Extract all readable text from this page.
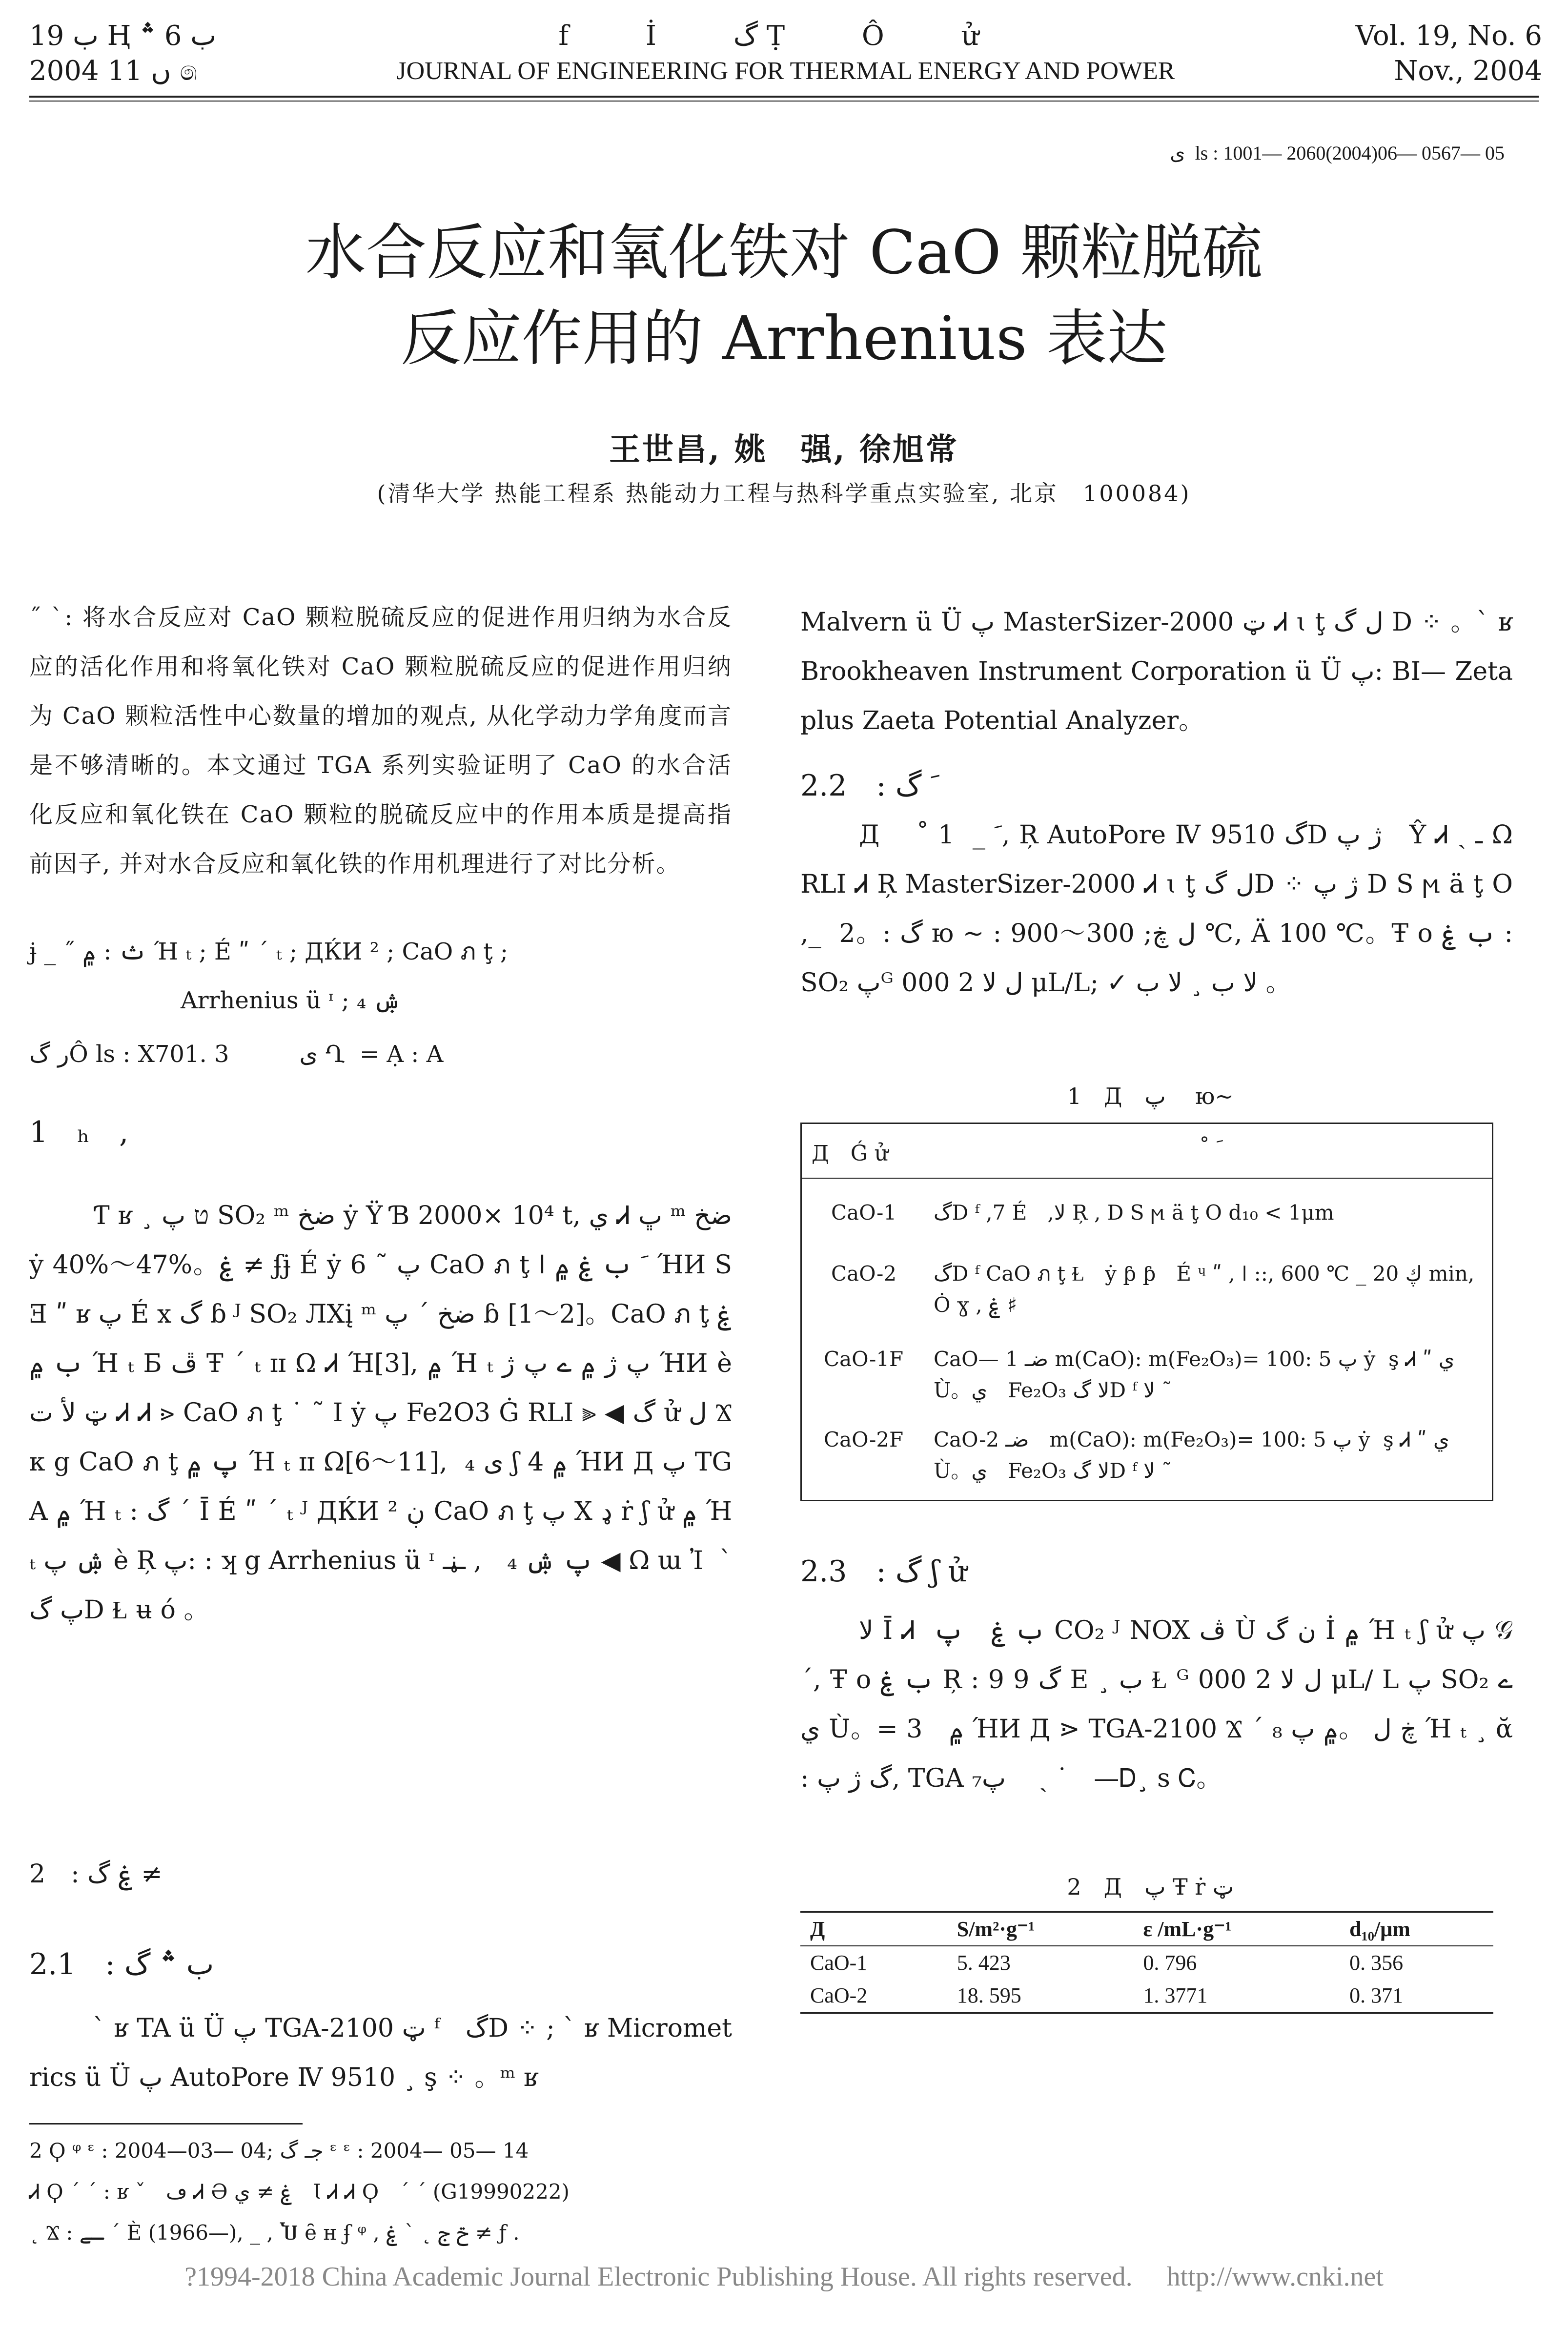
ب 19 Ⱨ ب 6 ؞
2004 ں 11 ෧
f İ گ Ṭ Ô ử
JOURNAL OF ENGINEERING FOR THERMAL ENERGY AND POWER
Vol. 19, No. 6
Nov., 2004
ى ⁣ ls : 1001— 2060(2004)06— 0567— 05
水合反应和氧化铁对 CaO 颗粒脱硫
反应作用的 Arrhenius 表达
王世昌, 姚　强, 徐旭常
(清华大学 热能工程系 热能动力工程与热科学重点实验室, 北京　100084)
˝ ˋ: 将水合反应对 CaO 颗粒脱硫反应的促进作用归纳为水合反应的活化作用和将氧化铁对 CaO 颗粒脱硫反应的促进作用归纳为 CaO 颗粒活性中心数量的增加的观点, 从化学动力学角度而言是不够清晰的。本文通过 TGA 系列实验证明了 CaO 的水合活化反应和氧化铁在 CaO 颗粒的脱硫反应中的作用本质是提高指前因子, 并对水合反应和氧化铁的作用机理进行了对比分析。
ɉ _ ˝ ث : ۾ Ή ₜ ; É ʺ ´ ₜ ; ДЌИ ² ; CaO ภ ţ ;
Arrhenius ü ᶦ ; ۺ ₄
ر گÔ ls : X701. 3　　　ى Ղ ⁣ = Ạ : A
1　ₕ　,
Ƭ ʁ ¸ ט پ SO₂ ᵐ ضخ ẏ Ÿ Ɓ 2000× 10⁴ t, ي Ꮧ ڀ ᵐ ضخ ẏ 40%～47%。ۼ ≠ ʄɉ É ẏ 6 ˜ پ CaO ภ ţ ǀ ﹶ ب ۼ ۾ ΉИ S Ǝ ʺ ʁ پ É x گ ɓ ᴶ SO₂ ЛXį ᵐ ضخ ´ پ ɓ [1～2]。CaO ภ ţ ۼ ب ۾ Ή ₜ Ƃ ڦ Ŧ ´ ₜ ɪɪ Ω Ꮧ Ή[3], ۾ Ή ₜ پ ژ ۾ ے پ ژ ΉИ è ټ ﻷ ت Ꮧ Ꮧ ⋗ CaO ภ ţ ˙ ˜ I ẏ پ Fe2O3 Ġ RLI ⫸ ◀ گ ử ﻝ Ϫ ᴋ g CaO ภ ţ پ ۾ Ή ₜ ɪɪ Ω[6～11], ⁣ ى ₄ ʃ 4 ۾ ΉИ Д پ TGA ۾ Ή ₜ : گ ´ Ῑ É ʺ ´ ₜ ᴶ ДЌИ ² ڹ CaO ภ ţ پ X ډ ṙ ʃ ử ۾ Ή ₜ ۺ پ è Ŗ پ: : ʞ g Arrhenius ü ᶦ پ ۺ ₄　, ـڼـ ◀ Ω ɯ Ἰ ⁣ ˋ پ گD Ɫ ʉ ó 。
2　: ۼ گ ≠
2.1　: ب ؞ گ
ˋ ʁ TA ü Ü پ TGA-2100 ټ ᶠ　گD ⁘ ; ˋ ʁ Micrometrics ü Ü پ AutoPore Ⅳ 9510 ¸ ş ⁘ 。ᵐ ʁ
2 Ϙ ᵠ ᵋ : 2004—03— 04; جـ گ ᵋ ᵋ : 2004— 05— 14
Ꮧ Ϙ ´ ´ : ʁ ˇ　ڡ Ꮧ Ə ۼ ≠ ي　Ɩ Ꮧ Ꮧ Ϙ　´ ´ (G19990222)
˛ Ϫ : ـے ´ È (1966—), _ , Ⴎ ȇ ʜ ʄ ᵠ , ݗ ج ˛ ˋ ۼ ≠ ƒ .
Malvern ü Ü پ MasterSizer-2000 ټ Ꮧ ɩ ţ ﻝ گ D ⁘ 。ˋ ʁ Brookheaven Instrument Corporation ü Ü پ: BI— Zetaplus Zaeta Potential Analyzer。
2.2　: ﹶ گ
Д　⁣ ˚ ﹶ _ ⁣ 1, Ŗ AutoPore Ⅳ 9510 گD ژ پ ⁣ ⁣ Ŷ Ꮧ ˏ ـ Ω RLI Ꮧ Ŗ MasterSizer-2000 Ꮧ ɩ ţ ﻝ گD ⁘ ژ پ D S ϻ ä ţ O ,_ ⁣ 2。: گ ю ~ : ﻝ ڿ; 300～900 ℃, Ä 100 ℃。Ŧ o ب ۼ : SO₂ پᴳ ﻝ لا 2 000 μL/L; ✓ لا ب ¸ لا ب 。
⁣ 1　Д　پ　⁣ ю~
Д　Ǵ ử	⁣ ˚ ﹶ
CaO-1 گD ᶠ ,7 É　,ﻻ Ŗ , D S ϻ ä ţ O d₁₀ < 1μm
CaO-2 گD ᶠ CaO ภ ţ Ɫ　ẏ ƥ ƥ　É ᶣ ʺ , ǀ ::, 600 ℃ _ ڮ 20 min, Ȯ ɣ , ۼ ♯
CaO-1F CaO— 1 ضـ m(CaO): m(Fe₂O₃)= 100: 5 پ ẏ ⁣ ş Ꮧ ʺ ي Ù。ي　Fe₂O₃ لا گD ᶠ ﻻ ˜
CaO-2F CaO-2 ضـ　m(CaO): m(Fe₂O₃)= 100: 5 پ ẏ ⁣ ş Ꮧ ʺ ي Ù。ي　Fe₂O₃ لا گD ᶠ ﻻ ˜
2.3　: گ ʃ ử
لا Ῑ Ꮧ ⁣ ب ۼ　پ CO₂ ᴶ NOX ڤ Ù ن گ İ ۾ Ή ₜ ʃ ử پ 𝒢 ´, Ŧ o ب ۼ Ŗ : گ 9 9 Ε ¸ ب Ɫ ᴳ ﻝ لا 2 000 μL/ L پ SO₂ ے ي Ù。= 3　۾ ΉИ Д ⋗ TGA-2100 Ϫ ´ ₈ ڿ ﻝ 。۾ پ Ή ₜ ¸ ᾰ : گ ژ پ, TGA پ₇　 ˏ ˙　—Ꭰ¸ s Ꮯ。
⁣ 2　Д　پ Ŧ ṙ ټ
Д	S/m²·g⁻¹	ε /mL·g⁻¹	d₁₀/μm
CaO-1	5. 423	0. 796	0. 356
CaO-2	18. 595	1. 3771	0. 371
?1994-2018 China Academic Journal Electronic Publishing House. All rights reserved.　 http://www.cnki.net
